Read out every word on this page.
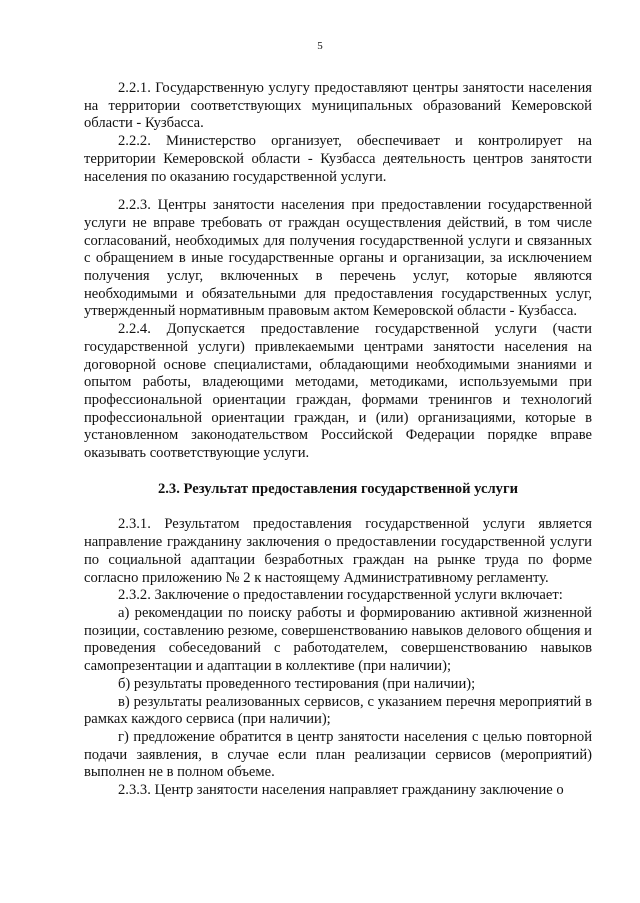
5

2.2.1. Государственную услугу предоставляют центры занятости населения на территории соответствующих муниципальных образований Кемеровской области - Кузбасса.

2.2.2. Министерство организует, обеспечивает и контролирует на территории Кемеровской области - Кузбасса деятельность центров занятости населения по оказанию государственной услуги.

2.2.3. Центры занятости населения при предоставлении государственной услуги не вправе требовать от граждан осуществления действий, в том числе согласований, необходимых для получения государственной услуги и связанных с обращением в иные государственные органы и организации, за исключением получения услуг, включенных в перечень услуг, которые являются необходимыми и обязательными для предоставления государственных услуг, утвержденный нормативным правовым актом Кемеровской области - Кузбасса.

2.2.4. Допускается предоставление государственной услуги (части государственной услуги) привлекаемыми центрами занятости населения на договорной основе специалистами, обладающими необходимыми знаниями и опытом работы, владеющими методами, методиками, используемыми при профессиональной ориентации граждан, формами тренингов и технологий профессиональной ориентации граждан, и (или) организациями, которые в установленном законодательством Российской Федерации порядке вправе оказывать соответствующие услуги.

2.3. Результат предоставления государственной услуги

2.3.1. Результатом предоставления государственной услуги является направление гражданину заключения о предоставлении государственной услуги по социальной адаптации безработных граждан на рынке труда по форме согласно приложению № 2 к настоящему Административному регламенту.

2.3.2. Заключение о предоставлении государственной услуги включает:

а) рекомендации по поиску работы и формированию активной жизненной позиции, составлению резюме, совершенствованию навыков делового общения и проведения собеседований с работодателем, совершенствованию навыков самопрезентации и адаптации в коллективе (при наличии);

б) результаты проведенного тестирования (при наличии);

в) результаты реализованных сервисов, с указанием перечня мероприятий в рамках каждого сервиса (при наличии);

г) предложение обратится в центр занятости населения с целью повторной подачи заявления, в случае если план реализации сервисов (мероприятий) выполнен не в полном объеме.

2.3.3. Центр занятости населения направляет гражданину заключение о
